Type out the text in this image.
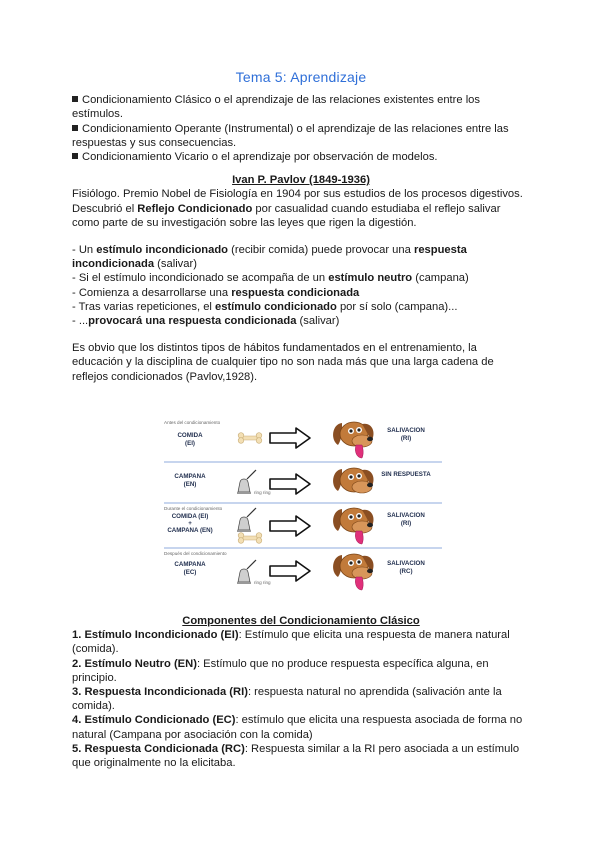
Tema 5: Aprendizaje

Condicionamiento Clásico o el aprendizaje de las relaciones existentes entre los estímulos.

Condicionamiento Operante (Instrumental) o el aprendizaje de las relaciones entre las respuestas y sus consecuencias.

Condicionamiento Vicario o el aprendizaje por observación de modelos.

Ivan P. Pavlov (1849-1936)

Fisiólogo. Premio Nobel de Fisiología en 1904 por sus estudios de los procesos digestivos. Descubrió el Reflejo Condicionado por casualidad cuando estudiaba el reflejo salivar como parte de su investigación sobre las leyes que rigen la digestión.

- Un estímulo incondicionado (recibir comida) puede provocar una respuesta incondicionada (salivar)

- Si el estímulo incondicionado se acompaña de un estímulo neutro (campana)

- Comienza a desarrollarse una respuesta condicionada

- Tras varias repeticiones, el estímulo condicionado por sí solo (campana)...

- ...provocará una respuesta condicionada (salivar)

Es obvio que los distintos tipos de hábitos fundamentados en el entrenamiento, la educación y la disciplina de cualquier tipo no son nada más que una larga cadena de reflejos condicionados (Pavlov,1928).

Antes del condicionamiento
COMIDA
(EI)
SALIVACION
(RI)
CAMPANA
(EN)
ring ring
SIN RESPUESTA
Durante el condicionamiento
COMIDA (EI)
+
CAMPANA (EN)
SALIVACION
(RI)
Después del condicionamiento
CAMPANA
(EC)
ring ring
SALIVACION
(RC)
Componentes del Condicionamiento Clásico

1. Estímulo Incondicionado (EI): Estímulo que elicita una respuesta de manera natural (comida).

2. Estímulo Neutro (EN): Estímulo que no produce respuesta específica alguna, en principio.

3. Respuesta Incondicionada (RI): respuesta natural no aprendida (salivación ante la comida).

4. Estímulo Condicionado (EC): estímulo que elicita una respuesta asociada de forma no natural (Campana por asociación con la comida)

5. Respuesta Condicionada (RC): Respuesta similar a la RI pero asociada a un estímulo que originalmente no la elicitaba.
